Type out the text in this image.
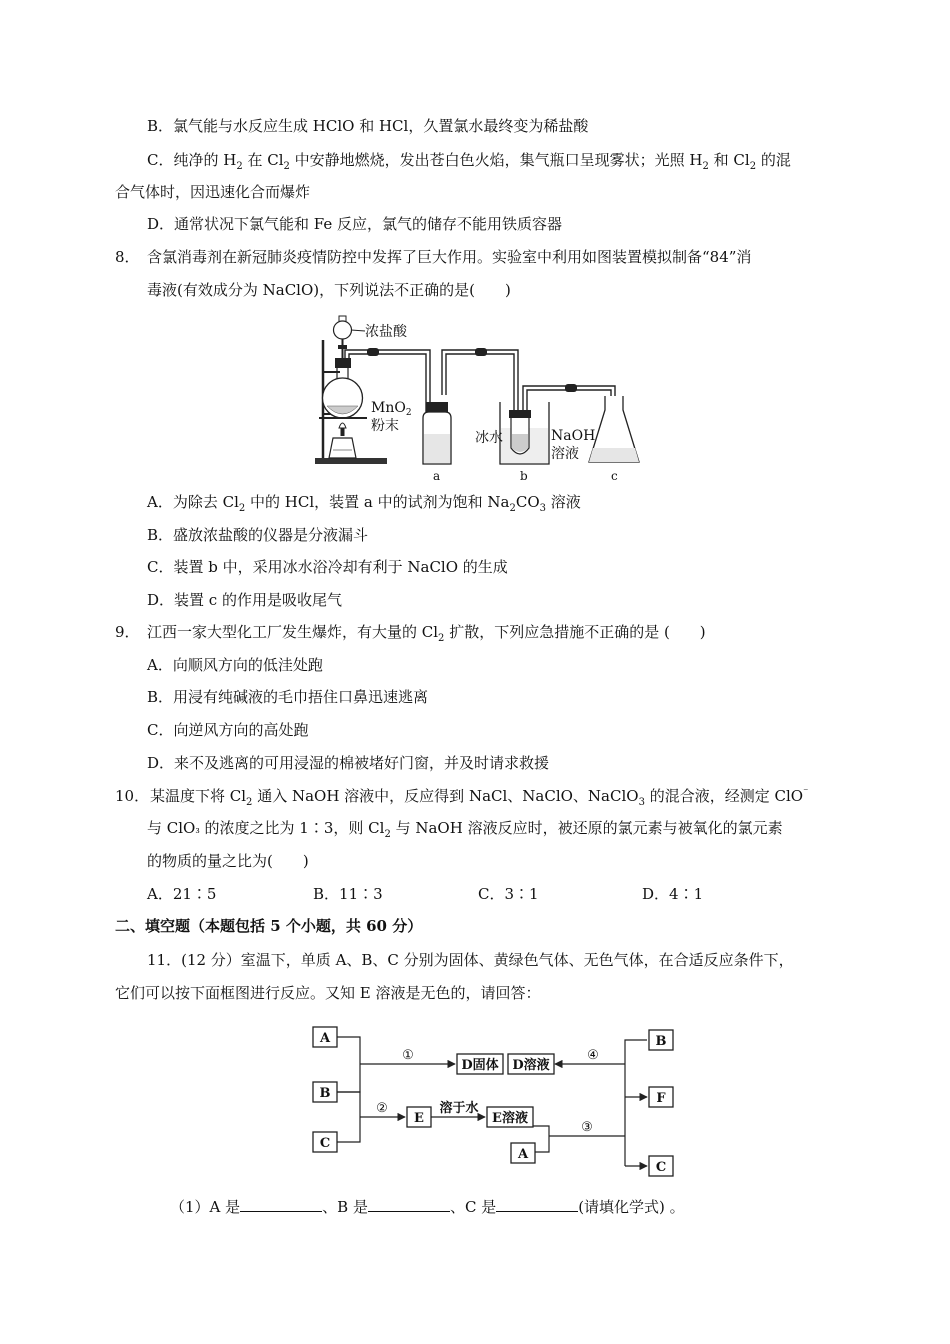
B．氯气能与水反应生成 HClO 和 HCl，久置氯水最终变为稀盐酸
C．纯净的 $H_2$ 在 $Cl_2$ 中安静地燃烧，发出苍白色火焰，集气瓶口呈现雾状；光照 $H_2$ 和 $Cl_2$ 的混
合气体时，因迅速化合而爆炸
D．通常状况下氯气能和 Fe 反应，氯气的储存不能用铁质容器
8． 含氯消毒剂在新冠肺炎疫情防控中发挥了巨大作用。实验室中利用如图装置模拟制备“84”消
毒液(有效成分为 NaClO)，下列说法不正确的是(　　)
浓盐酸
MnO$_2$
粉末
冰水	NaOH
溶液
a	b	c
A．为除去 $Cl_2$ 中的 HCl，装置 a 中的试剂为饱和 $Na_2CO_3$ 溶液
B．盛放浓盐酸的仪器是分液漏斗
C．装置 b 中，采用冰水浴冷却有利于 NaClO 的生成
D．装置 c 的作用是吸收尾气
9． 江西一家大型化工厂发生爆炸，有大量的 $Cl_2$ 扩散，下列应急措施不正确的是 (　　)
A．向顺风方向的低洼处跑
B．用浸有纯碱液的毛巾捂住口鼻迅速逃离
C．向逆风方向的高处跑
D．来不及逃离的可用浸湿的棉被堵好门窗，并及时请求救援
10． 某温度下将 $Cl_2$ 通入 NaOH 溶液中，反应得到 NaCl、NaClO、NaClO$_3$ 的混合液，经测定 ClO⁻
与 ClO₃ 的浓度之比为 1∶3，则 $Cl_2$ 与 NaOH 溶液反应时，被还原的氯元素与被氧化的氯元素
的物质的量之比为(　　)
A．21∶5	B．11∶3	C．3∶1	D．4∶1
二、填空题（本题包括 5 个小题，共 60 分）
11．(12 分）室温下，单质 A、B、C 分别为固体、黄绿色气体、无色气体，在合适反应条件下，
它们可以按下面框图进行反应。又知 E 溶液是无色的，请回答：
A
B
C
D固体 D溶液
E	E溶液
A
B
F
C
①
②
③
④
溶于水
（1）A 是	、B 是	、C 是	(请填化学式) 。
